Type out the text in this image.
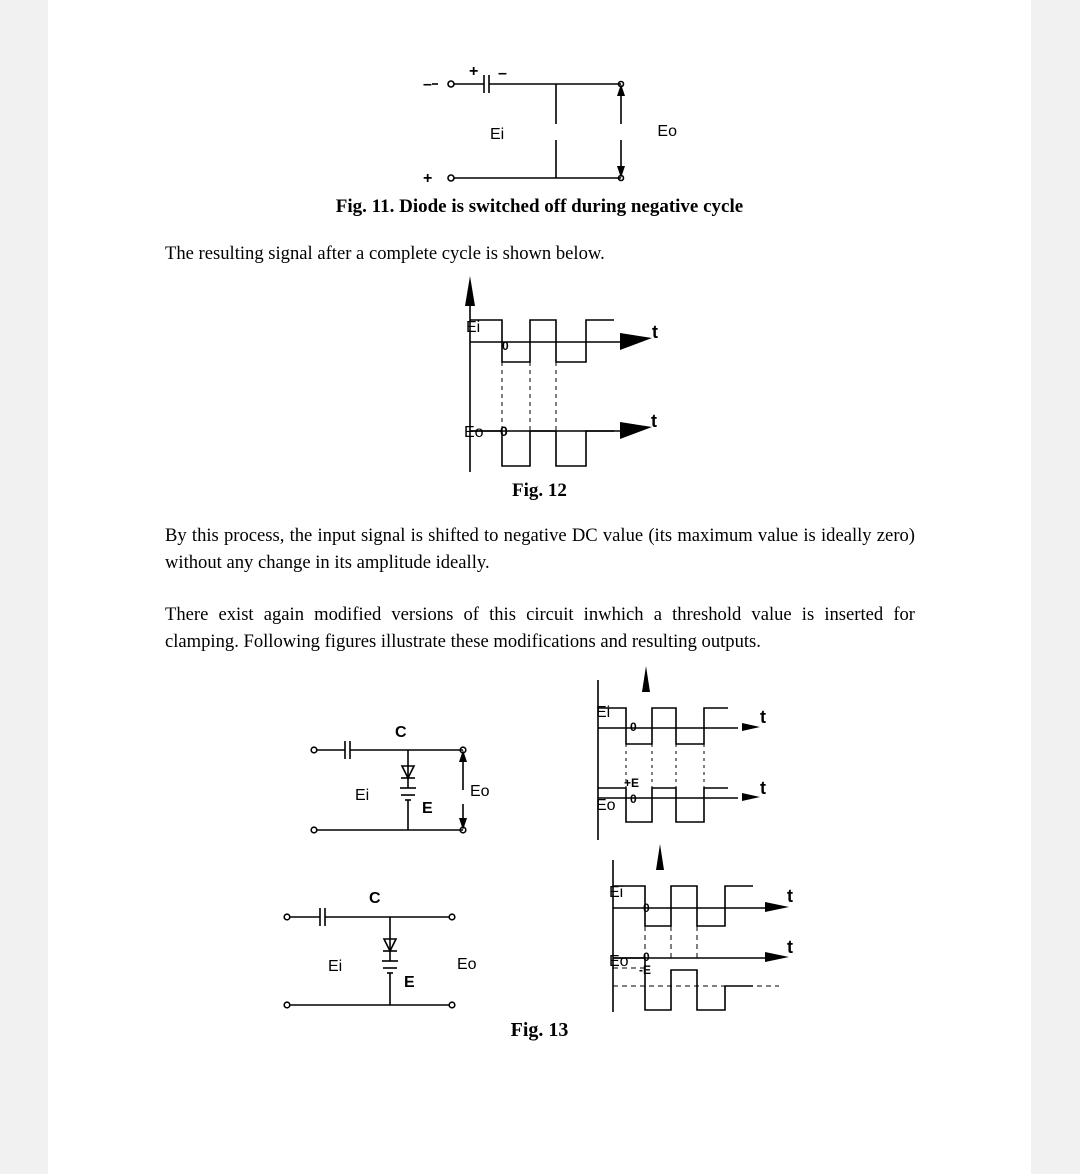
+ –
–
+
Ei	Eo
Fig. 11. Diode is switched off during negative cycle

The resulting signal after a complete cycle is shown below.

Ei
0
Eo 0
t
t
Fig. 12

By this process, the input signal is shifted to negative DC value (its maximum value is ideally zero) without any change in its amplitude ideally.

There exist again modified versions of this circuit inwhich a threshold value is inserted for clamping. Following figures illustrate these modifications and resulting outputs.

C
Ei	Eo
E
Ei
0
+E
0
Eo
t
t
C
Ei	Eo
E
Ei
0
Eo 0
-E
t
t
Fig. 13
